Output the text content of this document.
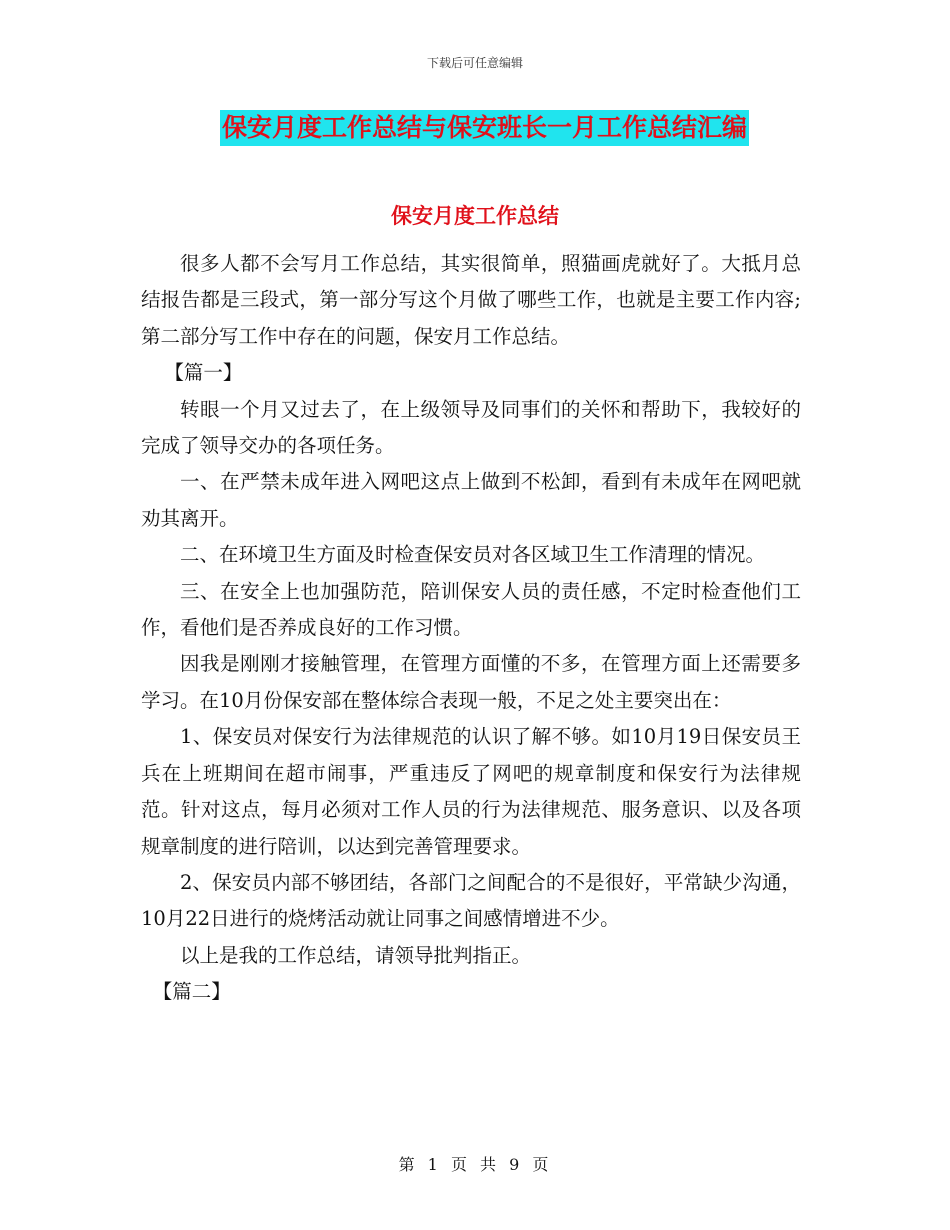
下载后可任意编辑
保安月度工作总结与保安班长一月工作总结汇编
保安月度工作总结

很多人都不会写月工作总结，其实很简单，照猫画虎就好了。大抵月总结报告都是三段式，第一部分写这个月做了哪些工作，也就是主要工作内容;第二部分写工作中存在的问题，保安月工作总结。

【篇一】

转眼一个月又过去了，在上级领导及同事们的关怀和帮助下，我较好的完成了领导交办的各项任务。

一、在严禁未成年进入网吧这点上做到不松卸，看到有未成年在网吧就劝其离开。

二、在环境卫生方面及时检查保安员对各区域卫生工作清理的情况。

三、在安全上也加强防范，陪训保安人员的责任感，不定时检查他们工作，看他们是否养成良好的工作习惯。

因我是刚刚才接触管理，在管理方面懂的不多，在管理方面上还需要多学习。在10月份保安部在整体综合表现一般，不足之处主要突出在：

1、保安员对保安行为法律规范的认识了解不够。如10月19日保安员王兵在上班期间在超市闹事，严重违反了网吧的规章制度和保安行为法律规范。针对这点，每月必须对工作人员的行为法律规范、服务意识、以及各项规章制度的进行陪训，以达到完善管理要求。

2、保安员内部不够团结，各部门之间配合的不是很好，平常缺少沟通，10月22日进行的烧烤活动就让同事之间感情增进不少。

以上是我的工作总结，请领导批判指正。

【篇二】

第 1 页 共 9 页
